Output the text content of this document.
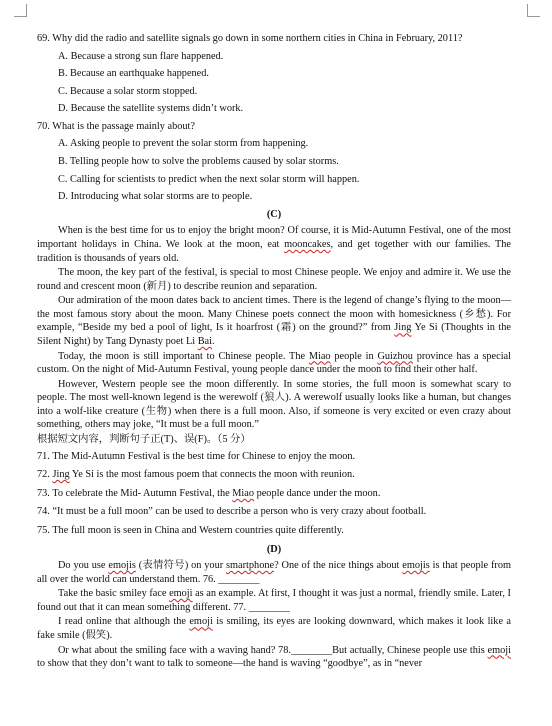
69. Why did the radio and satellite signals go down in some northern cities in China in February, 2011?
A. Because a strong sun flare happened.
B. Because an earthquake happened.
C. Because a solar storm stopped.
D. Because the satellite systems didn’t work.
70. What is the passage mainly about?
A. Asking people to prevent the solar storm from happening.
B. Telling people how to solve the problems caused by solar storms.
C. Calling for scientists to predict when the next solar storm will happen.
D. Introducing what solar storms are to people.
(C)

When is the best time for us to enjoy the bright moon? Of course, it is Mid-Autumn Festival, one of the most important holidays in China. We look at the moon, eat mooncakes, and get together with our families. The tradition is thousands of years old.

The moon, the key part of the festival, is special to most Chinese people. We enjoy and admire it. We use the round and crescent moon (新月) to describe reunion and separation.

Our admiration of the moon dates back to ancient times. There is the legend of change’s flying to the moon—the most famous story about the moon. Many Chinese poets connect the moon with homesickness (乡愁). For example, “Beside my bed a pool of light, Is it hoarfrost (霜) on the ground?” from Jing Ye Si (Thoughts in the Silent Night) by Tang Dynasty poet Li Bai.

Today, the moon is still important to Chinese people. The Miao people in Guizhou province has a special custom. On the night of Mid-Autumn Festival, young people dance under the moon to find their other half.

However, Western people see the moon differently. In some stories, the full moon is somewhat scary to people. The most well-known legend is the werewolf (狼人). A werewolf usually looks like a human, but changes into a wolf-like creature (生物) when there is a full moon. Also, if someone is very excited or even crazy about something, others may joke, “It must be a full moon.”

根据短文内容，判断句子正(T)、误(F)。（5 分）
71. The Mid-Autumn Festival is the best time for Chinese to enjoy the moon.
72. Jing Ye Si is the most famous poem that connects the moon with reunion.
73. To celebrate the Mid- Autumn Festival, the Miao people dance under the moon.
74. “It must be a full moon” can be used to describe a person who is very crazy about football.
75. The full moon is seen in China and Western countries quite differently.
(D)

Do you use emojis (表情符号) on your smartphone? One of the nice things about emojis is that people from all over the world can understand them. 76. ________

Take the basic smiley face emoji as an example. At first, I thought it was just a normal, friendly smile. Later, I found out that it can mean something different. 77. ________

I read online that although the emoji is smiling, its eyes are looking downward, which makes it look like a fake smile (假笑).

Or what about the smiling face with a waving hand? 78.________But actually, Chinese people use this emoji to show that they don’t want to talk to someone—the hand is waving “goodbye”, as in “never
